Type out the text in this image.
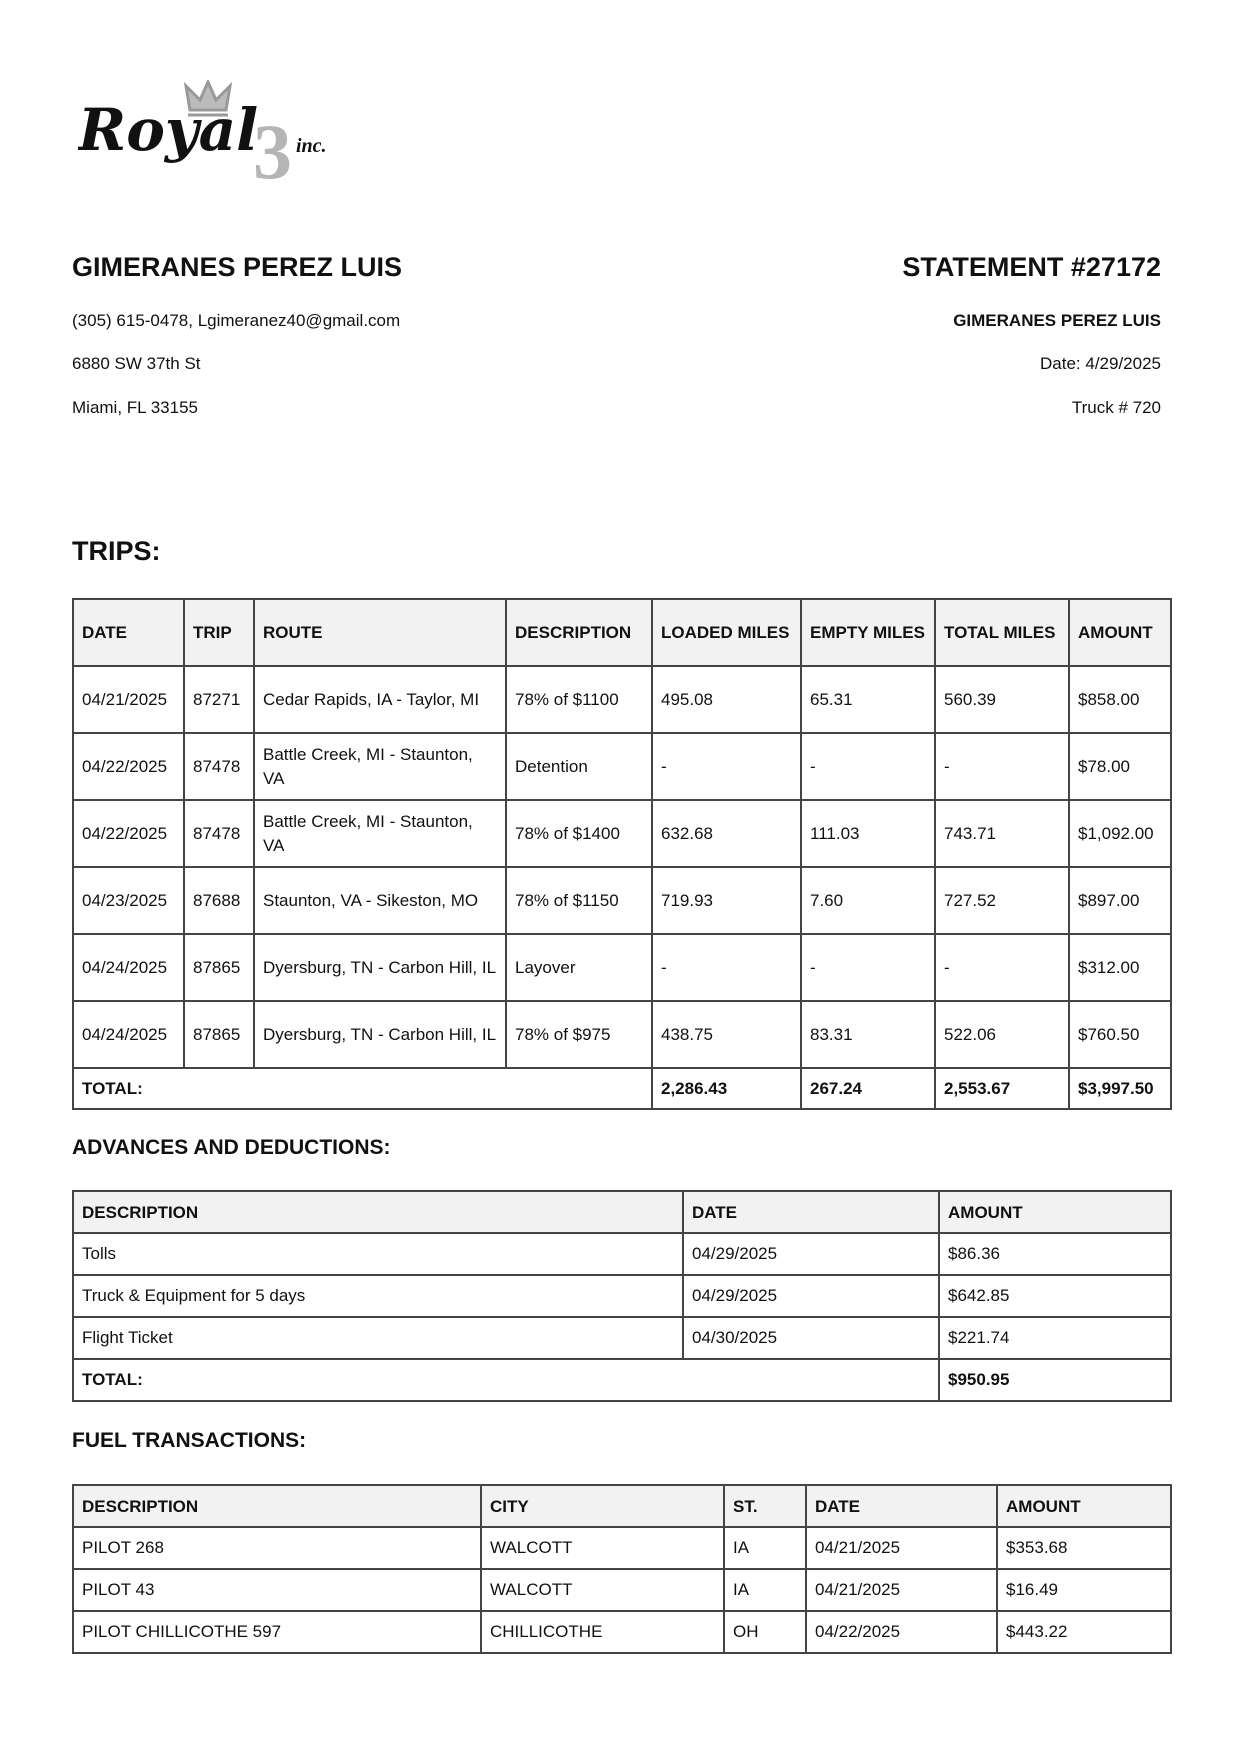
3
Royal inc.
GIMERANES PEREZ LUIS
(305) 615-0478, Lgimeranez40@gmail.com
6880 SW 37th St
Miami, FL 33155
STATEMENT #27172
GIMERANES PEREZ LUIS
Date: 4/29/2025
Truck # 720
TRIPS:
DATE	TRIP	ROUTE	DESCRIPTION	LOADED MILES	EMPTY MILES	TOTAL MILES	AMOUNT
04/21/2025	87271	Cedar Rapids, IA - Taylor, MI	78% of $1100	495.08	65.31	560.39	$858.00
04/22/2025	87478	Battle Creek, MI - Staunton, VA	Detention	-	-	-	$78.00
04/22/2025	87478	Battle Creek, MI - Staunton, VA	78% of $1400	632.68	111.03	743.71	$1,092.00
04/23/2025	87688	Staunton, VA - Sikeston, MO	78% of $1150	719.93	7.60	727.52	$897.00
04/24/2025	87865	Dyersburg, TN - Carbon Hill, IL	Layover	-	-	-	$312.00
04/24/2025	87865	Dyersburg, TN - Carbon Hill, IL	78% of $975	438.75	83.31	522.06	$760.50
TOTAL:				2,286.43	267.24	2,553.67	$3,997.50
ADVANCES AND DEDUCTIONS:
DESCRIPTION	DATE	AMOUNT
Tolls	04/29/2025	$86.36
Truck & Equipment for 5 days	04/29/2025	$642.85
Flight Ticket	04/30/2025	$221.74
TOTAL:		$950.95
FUEL TRANSACTIONS:
DESCRIPTION	CITY	ST.	DATE	AMOUNT
PILOT 268	WALCOTT	IA	04/21/2025	$353.68
PILOT 43	WALCOTT	IA	04/21/2025	$16.49
PILOT CHILLICOTHE 597	CHILLICOTHE	OH	04/22/2025	$443.22
